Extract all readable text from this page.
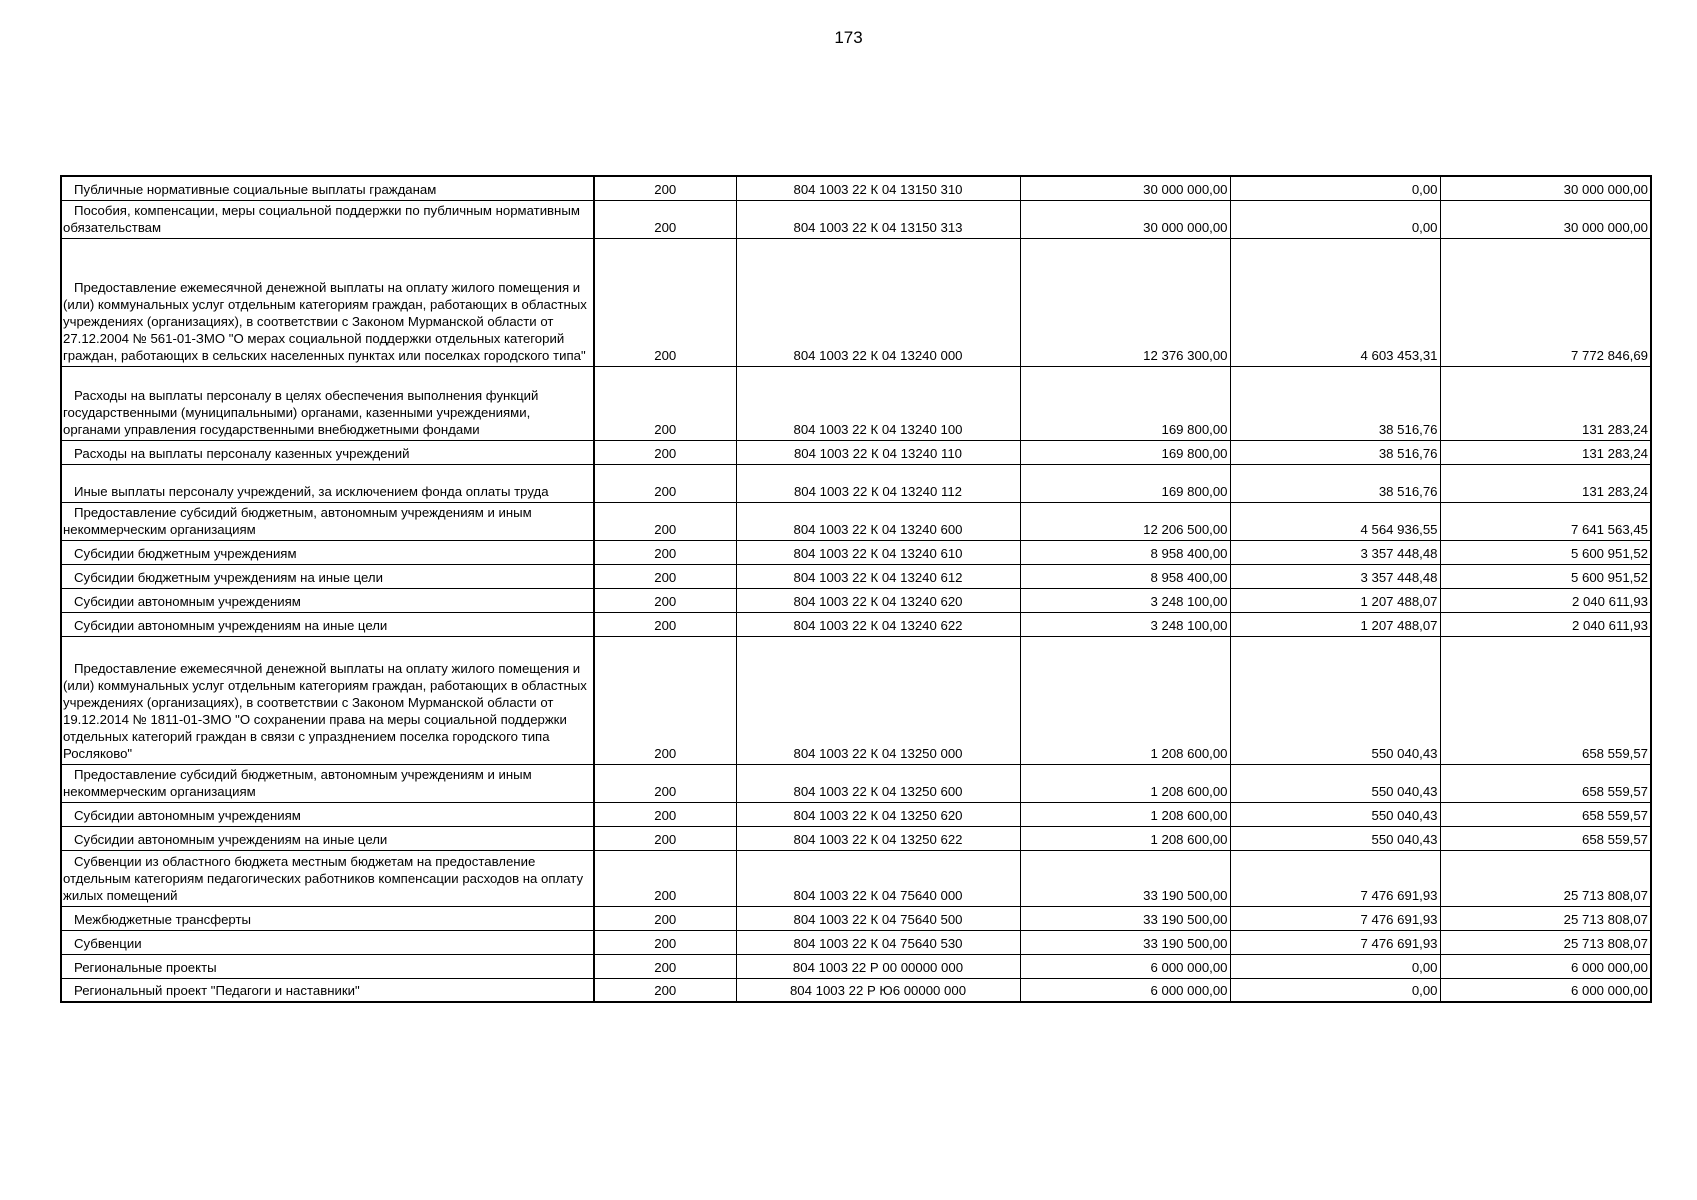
173
Публичные нормативные социальные выплаты гражданам	200	804 1003 22 К 04 13150 310	30 000 000,00	0,00	30 000 000,00
Пособия, компенсации, меры социальной поддержки по публичным нормативным обязательствам	200	804 1003 22 К 04 13150 313	30 000 000,00	0,00	30 000 000,00
Предоставление ежемесячной денежной выплаты на оплату жилого помещения и (или) коммунальных услуг отдельным категориям граждан, работающих в областных учреждениях (организациях), в соответствии с Законом Мурманской области от 27.12.2004 № 561-01-ЗМО "О мерах социальной поддержки отдельных категорий граждан, работающих в сельских населенных пунктах или поселках городского типа"	200	804 1003 22 К 04 13240 000	12 376 300,00	4 603 453,31	7 772 846,69
Расходы на выплаты персоналу в целях обеспечения выполнения функций государственными (муниципальными) органами, казенными учреждениями, органами управления государственными внебюджетными фондами	200	804 1003 22 К 04 13240 100	169 800,00	38 516,76	131 283,24
Расходы на выплаты персоналу казенных учреждений	200	804 1003 22 К 04 13240 110	169 800,00	38 516,76	131 283,24
Иные выплаты персоналу учреждений, за исключением фонда оплаты труда	200	804 1003 22 К 04 13240 112	169 800,00	38 516,76	131 283,24
Предоставление субсидий бюджетным, автономным учреждениям и иным некоммерческим организациям	200	804 1003 22 К 04 13240 600	12 206 500,00	4 564 936,55	7 641 563,45
Субсидии бюджетным учреждениям	200	804 1003 22 К 04 13240 610	8 958 400,00	3 357 448,48	5 600 951,52
Субсидии бюджетным учреждениям на иные цели	200	804 1003 22 К 04 13240 612	8 958 400,00	3 357 448,48	5 600 951,52
Субсидии автономным учреждениям	200	804 1003 22 К 04 13240 620	3 248 100,00	1 207 488,07	2 040 611,93
Субсидии автономным учреждениям на иные цели	200	804 1003 22 К 04 13240 622	3 248 100,00	1 207 488,07	2 040 611,93
Предоставление ежемесячной денежной выплаты на оплату жилого помещения и (или) коммунальных услуг отдельным категориям граждан, работающих в областных учреждениях (организациях), в соответствии с Законом Мурманской области от 19.12.2014 № 1811-01-ЗМО "О сохранении права на меры социальной поддержки отдельных категорий граждан в связи с упразднением поселка городского типа Росляково"	200	804 1003 22 К 04 13250 000	1 208 600,00	550 040,43	658 559,57
Предоставление субсидий бюджетным, автономным учреждениям и иным некоммерческим организациям	200	804 1003 22 К 04 13250 600	1 208 600,00	550 040,43	658 559,57
Субсидии автономным учреждениям	200	804 1003 22 К 04 13250 620	1 208 600,00	550 040,43	658 559,57
Субсидии автономным учреждениям на иные цели	200	804 1003 22 К 04 13250 622	1 208 600,00	550 040,43	658 559,57
Субвенции из областного бюджета местным бюджетам на предоставление отдельным категориям педагогических работников компенсации расходов на оплату жилых помещений	200	804 1003 22 К 04 75640 000	33 190 500,00	7 476 691,93	25 713 808,07
Межбюджетные трансферты	200	804 1003 22 К 04 75640 500	33 190 500,00	7 476 691,93	25 713 808,07
Субвенции	200	804 1003 22 К 04 75640 530	33 190 500,00	7 476 691,93	25 713 808,07
Региональные проекты	200	804 1003 22 Р 00 00000 000	6 000 000,00	0,00	6 000 000,00
Региональный проект "Педагоги и наставники"	200	804 1003 22 Р Ю6 00000 000	6 000 000,00	0,00	6 000 000,00
